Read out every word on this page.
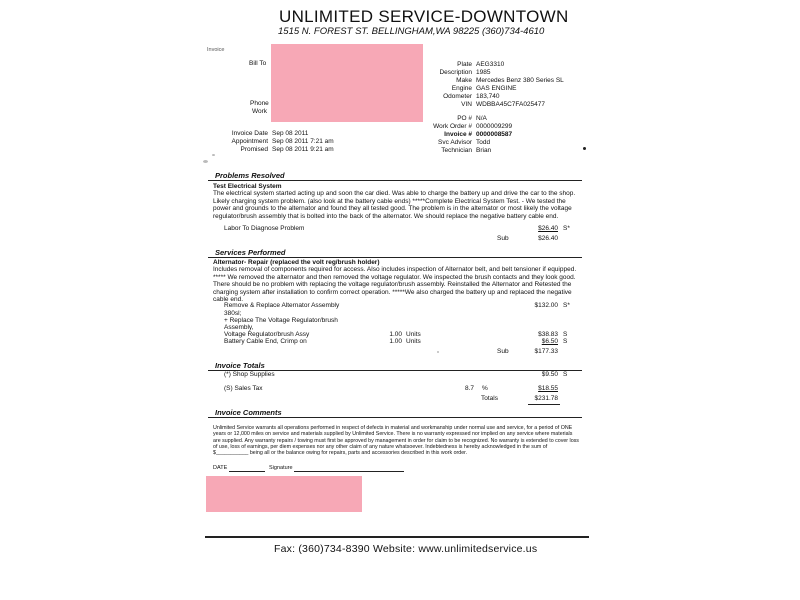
UNLIMITED SERVICE-DOWNTOWN
1515 N. FOREST ST. BELLINGHAM,WA 98225 (360)734-4610
Invoice
Bill To
Phone
Work
Plate AEG3310
Description 1985
Make Mercedes Benz 380 Series SL
Engine GAS ENGINE
Odometer 183,740
VIN WDBBA45C7FA025477
PO # N/A
Work Order # 0000009299
Invoice # 0000008587
Svc Advisor Todd
Technician Brian
Invoice Date Sep 08 2011
Appointment Sep 08 2011 7:21 am
Promised Sep 08 2011 9:21 am
Problems Resolved
Test Electrical System
The electrical system started acting up and soon the car died. Was able to charge the battery up and drive the car to the shop. Likely charging system problem. (also look at the battery cable ends) *****Complete Electrical System Test. - We tested the power and grounds to the alternator and found they all tested good. The problem is in the alternator or most likely the voltage regulator/brush assembly that is bolted into the back of the alternator. We should replace the negative battery cable end.
Labor To Diagnose Problem	$26.40 S*
Sub	$26.40
Services Performed
Alternator- Repair (replaced the volt reg/brush holder)
Includes removal of components required for access. Also includes inspection of Alternator belt, and belt tensioner if equipped. ***** We removed the alternator and then removed the voltage regulator. We inspected the brush contacts and they look good. There should be no problem with replacing the voltage regulator/brush assembly. Reinstalled the Alternator and Retested the charging system after installation to confirm correct operation. *****We also charged the battery up and replaced the negative cable end.
Remove & Replace Alternator Assembly	$132.00 S*
380sl;
+ Replace The Voltage Regulator/brush
Assembly,
Voltage Regulator/brush Assy	1.00 Units	$38.83 S
Battery Cable End, Crimp on	1.00 Units	$6.50 S
Sub	$177.33
Invoice Totals
(*) Shop Supplies	$9.50 S
(S) Sales Tax	8.7 %	$18.55
Totals	$231.78
Invoice Comments
Unlimited Service warrants all operations performed in respect of defects in material and workmanship under normal use and service, for a period of ONE years or 12,000 miles on service and materials supplied by Unlimited Service. There is no warranty expressed nor implied on any service where materials are supplied. Any warranty repairs / towing must first be approved by management in order for claim to be recognized. No warranty is extended to cover loss of use, loss of earnings, per diem expenses nor any other claim of any nature whatsoever. Indebtedness is hereby acknowledged in the sum of $___________ being all or the balance owing for repairs, parts and accessories described in this work order.
DATE	Signature
Fax: (360)734-8390 Website: www.unlimitedservice.us
